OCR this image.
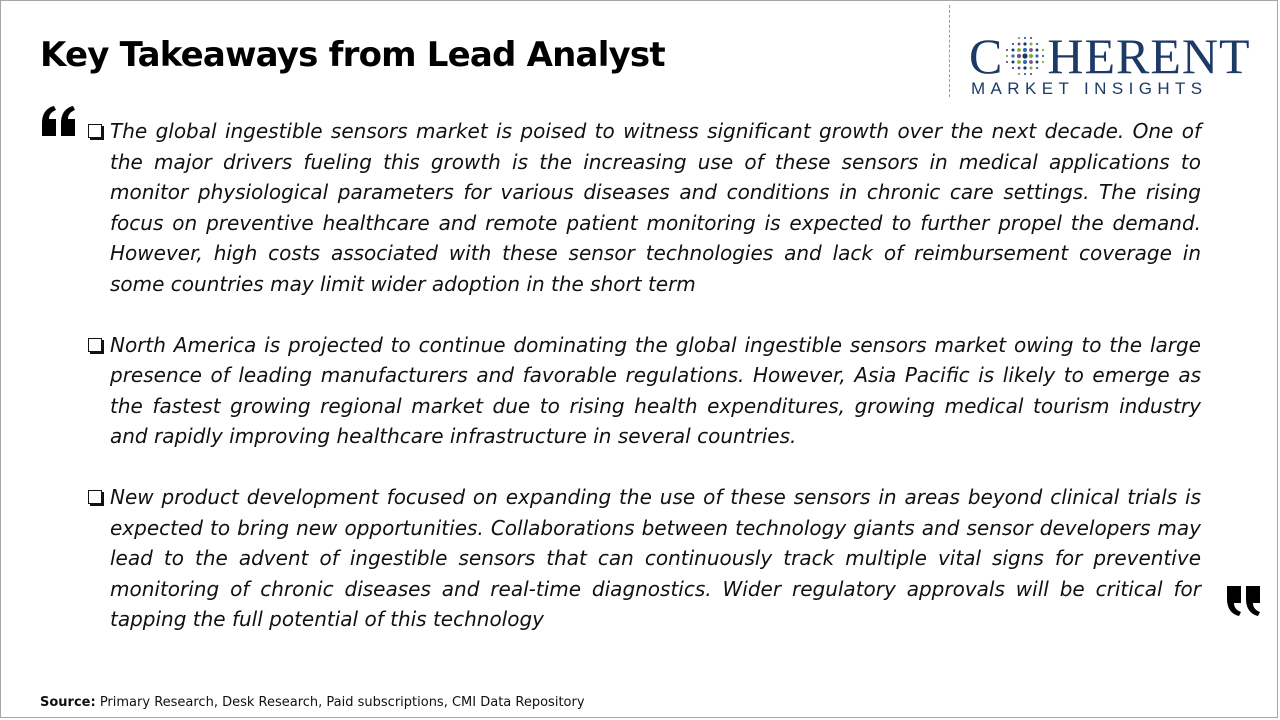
Key Takeaways from Lead Analyst	C HERENT
MARKET INSIGHTS
The global ingestible sensors market is poised to witness significant growth over the next decade. One of the major drivers fueling this growth is the increasing use of these sensors in medical applications to monitor physiological parameters for various diseases and conditions in chronic care settings. The rising focus on preventive healthcare and remote patient monitoring is expected to further propel the demand. However, high costs associated with these sensor technologies and lack of reimbursement coverage in some countries may limit wider adoption in the short term
North America is projected to continue dominating the global ingestible sensors market owing to the large presence of leading manufacturers and favorable regulations. However, Asia Pacific is likely to emerge as the fastest growing regional market due to rising health expenditures, growing medical tourism industry and rapidly improving healthcare infrastructure in several countries.
New product development focused on expanding the use of these sensors in areas beyond clinical trials is expected to bring new opportunities. Collaborations between technology giants and sensor developers may lead to the advent of ingestible sensors that can continuously track multiple vital signs for preventive monitoring of chronic diseases and real-time diagnostics. Wider regulatory approvals will be critical for tapping the full potential of this technology
Source: Primary Research, Desk Research, Paid subscriptions, CMI Data Repository
